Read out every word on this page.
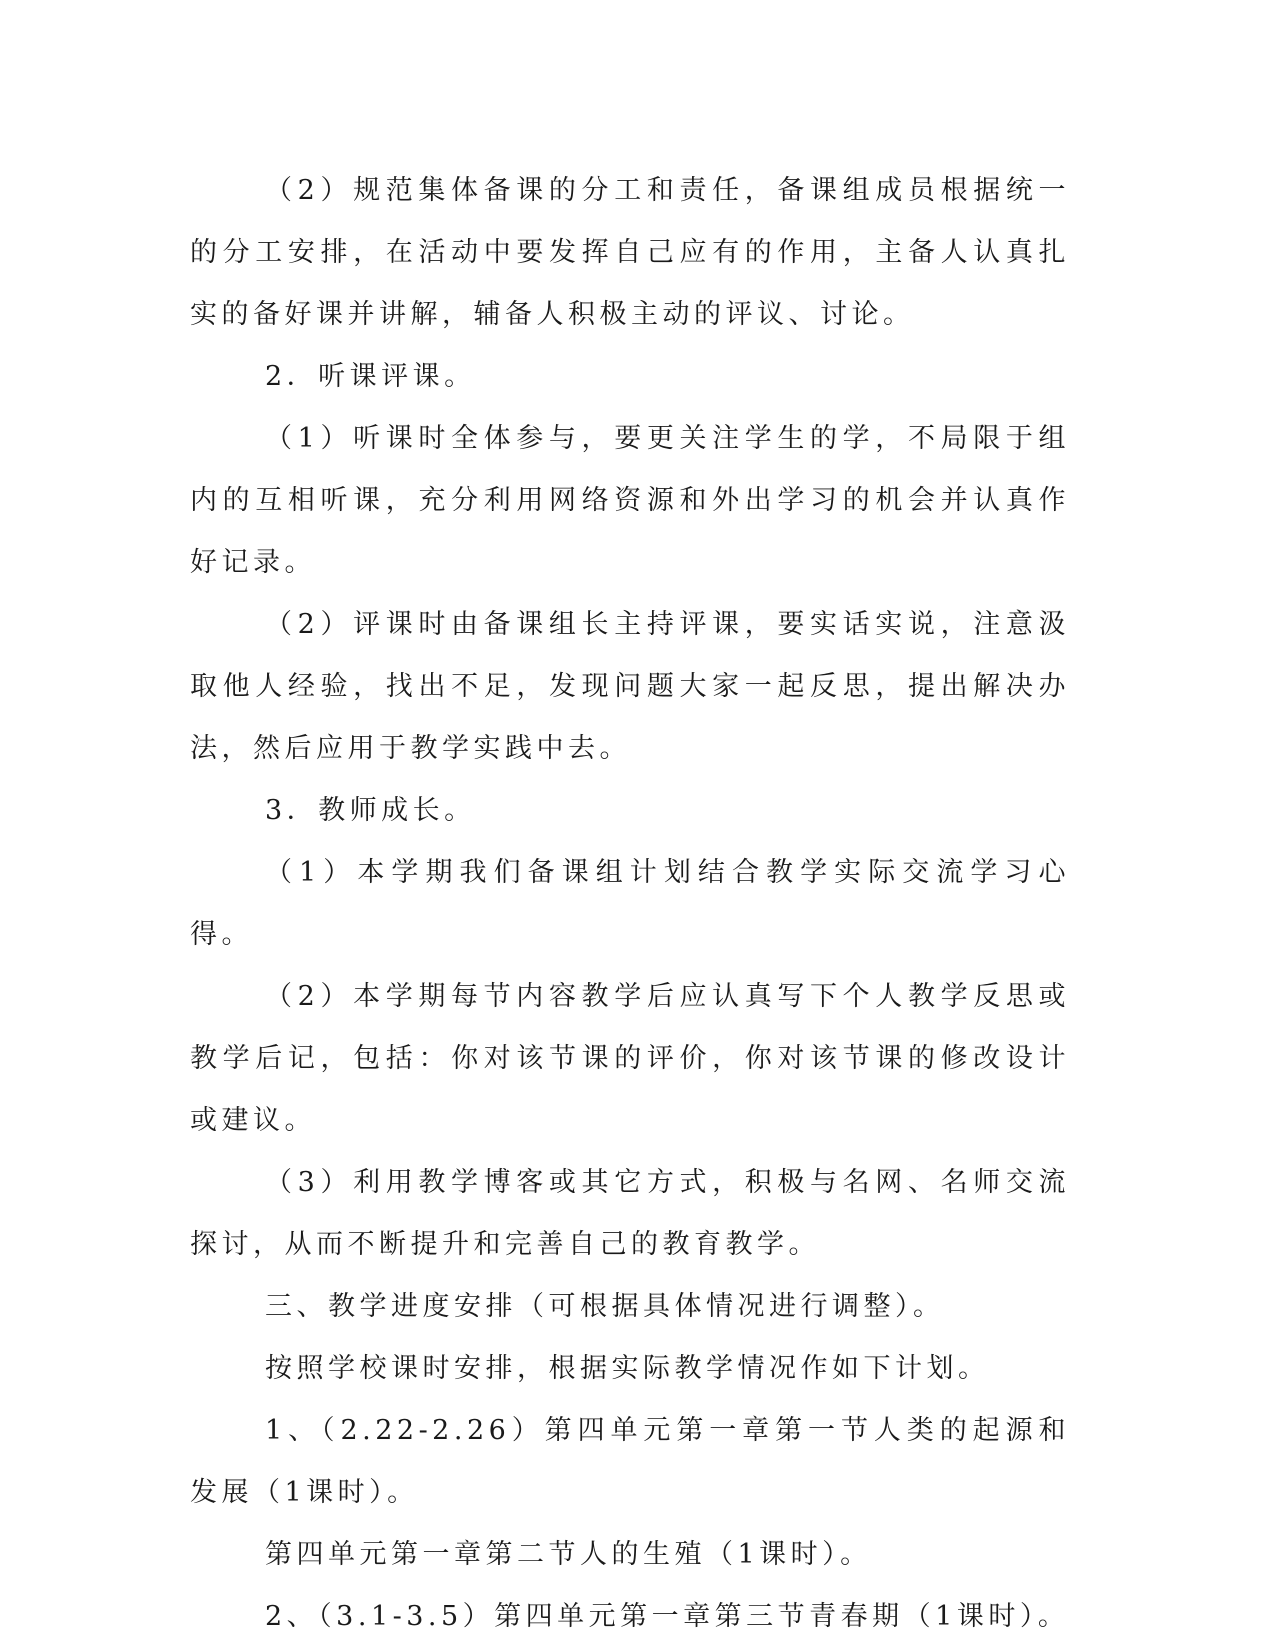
（2）规范集体备课的分工和责任，备课组成员根据统一的分工安排，在活动中要发挥自己应有的作用，主备人认真扎实的备好课并讲解，辅备人积极主动的评议、讨论。

2．听课评课。

（1）听课时全体参与，要更关注学生的学，不局限于组内的互相听课，充分利用网络资源和外出学习的机会并认真作好记录。

（2）评课时由备课组长主持评课，要实话实说，注意汲取他人经验，找出不足，发现问题大家一起反思，提出解决办法，然后应用于教学实践中去。

3．教师成长。

（1）本学期我们备课组计划结合教学实际交流学习心得。

（2）本学期每节内容教学后应认真写下个人教学反思或教学后记，包括：你对该节课的评价，你对该节课的修改设计或建议。

（3）利用教学博客或其它方式，积极与名网、名师交流探讨，从而不断提升和完善自己的教育教学。

三、教学进度安排（可根据具体情况进行调整）。

按照学校课时安排，根据实际教学情况作如下计划。

1、（2.22-2.26）第四单元第一章第一节人类的起源和发展（1课时）。

第四单元第一章第二节人的生殖（1课时）。

2、（3.1-3.5）第四单元第一章第三节青春期（1课时）。
